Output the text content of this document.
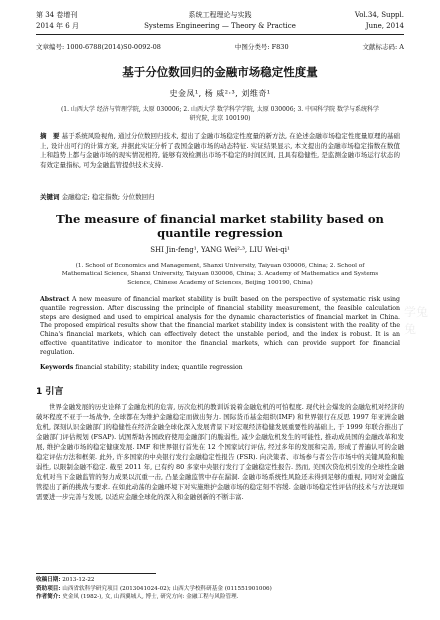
第 34 卷增刊	系统工程理论与实践	Vol.34, Suppl.
2014 年 6 月	Systems Engineering — Theory & Practice	June, 2014
文章编号: 1000-6788(2014)S0-0092-08	中图分类号: F830	文献标志码: A
基于分位数回归的金融市场稳定性度量
史金凤¹, 杨 威²·³, 刘维奇¹
(1. 山西大学 经济与管理学院, 太原 030006; 2. 山西大学 数学科学学院, 太原 030006; 3. 中国科学院 数学与系统科学研究院, 北京 100190)
摘　要 基于系统风险视角, 通过分位数回归技术, 提出了金融市场稳定性度量的新方法, 在论述金融市场稳定性度量原理的基础上, 设计出可行的计算方案, 并据此实证分析了我国金融市场的动态特征. 实证结果显示, 本文提出的金融市场稳定指数在数值上和趋势上都与金融市场的现实情况相符, 能够有效检测出市场不稳定的时间区间, 且具有稳健性, 是监测金融市场运行状态的有效定量指标, 可为金融监管提供技术支持.
关键词 金融稳定; 稳定指数; 分位数回归
The measure of financial market stability based on quantile regression
SHI Jin-feng¹, YANG Wei²·³, LIU Wei-qi¹
(1. School of Economics and Management, Shanxi University, Taiyuan 030006, China; 2. School of Mathematical Science, Shanxi University, Taiyuan 030006, China; 3. Academy of Mathematics and Systems Science, Chinese Academy of Sciences, Beijing 100190, China)
Abstract A new measure of financial market stability is built based on the perspective of systematic risk using quantile regression. After discussing the principle of financial stability measurement, the feasible calculation steps are designed and used to empirical analysis for the dynamic characteristics of financial market in China. The proposed empirical results show that the financial market stability index is consistent with the reality of the China's financial markets, which can effectively detect the unstable period, and the index is robust. It is an effective quantitative indicator to monitor the financial markets, which can provide support for financial regulation.
Keywords financial stability; stability index; quantile regression
1 引言
世界金融发展的历史诠释了金融危机的危害, 历次危机的教训诉说着金融危机的可怕程度. 现代社会爆发的金融危机对经济的破坏程度不亚于一场战争, 全球都在为维护金融稳定而做出努力. 国际货币基金组织(IMF) 和世界银行在反思 1997 年亚洲金融危机, 深刻认识金融部门的稳健性在经济金融全球化深入发展背景下对宏观经济稳健发展重要性的基础上, 于 1999 年联合推出了金融部门评估规划 (FSAP). 试图帮助各国政府使用金融部门的脆弱性, 减少金融危机发生的可能性, 推动成员国的金融改革和发展, 维护金融市场的稳定健康发展. IMF 和世界银行首先在 12 个国家试行评估, 经过多年的发展和完善, 形成了普遍认可的金融稳定评估方法和框架. 此外, 许多国家的中央银行发行金融稳定性报告 (FSR). 向决策者、市场参与者公告市场中的关键风险和脆弱性, 以限制金融不稳定. 截至 2011 年, 已有约 80 多家中央银行发行了金融稳定性报告. 然而, 美国次贷危机引发的全球性金融危机对当下金融监管的努力成果以沉重一击, 凸显金融监管中存在漏洞. 金融市场系统性风险还未得到足够的重视, 同时对金融监管提出了新的挑战与要求. 在如此动荡的金融环境下对实施维护金融市场的稳定刻不容缓. 金融市场稳定性评估的技术与方法现如需要进一步完善与发展, 以适应金融全球化的深入和金融创新的不断丰富.
收稿日期: 2013-12-22
资助项目: 山西省软科学研究项目 (2013041024-02); 山西大学校科研基金 (011551901006)
作者简介: 史金凤 (1982-), 女, 山西翼城人, 博士, 研究方向: 金融工程与风险管理.
学兔兔
